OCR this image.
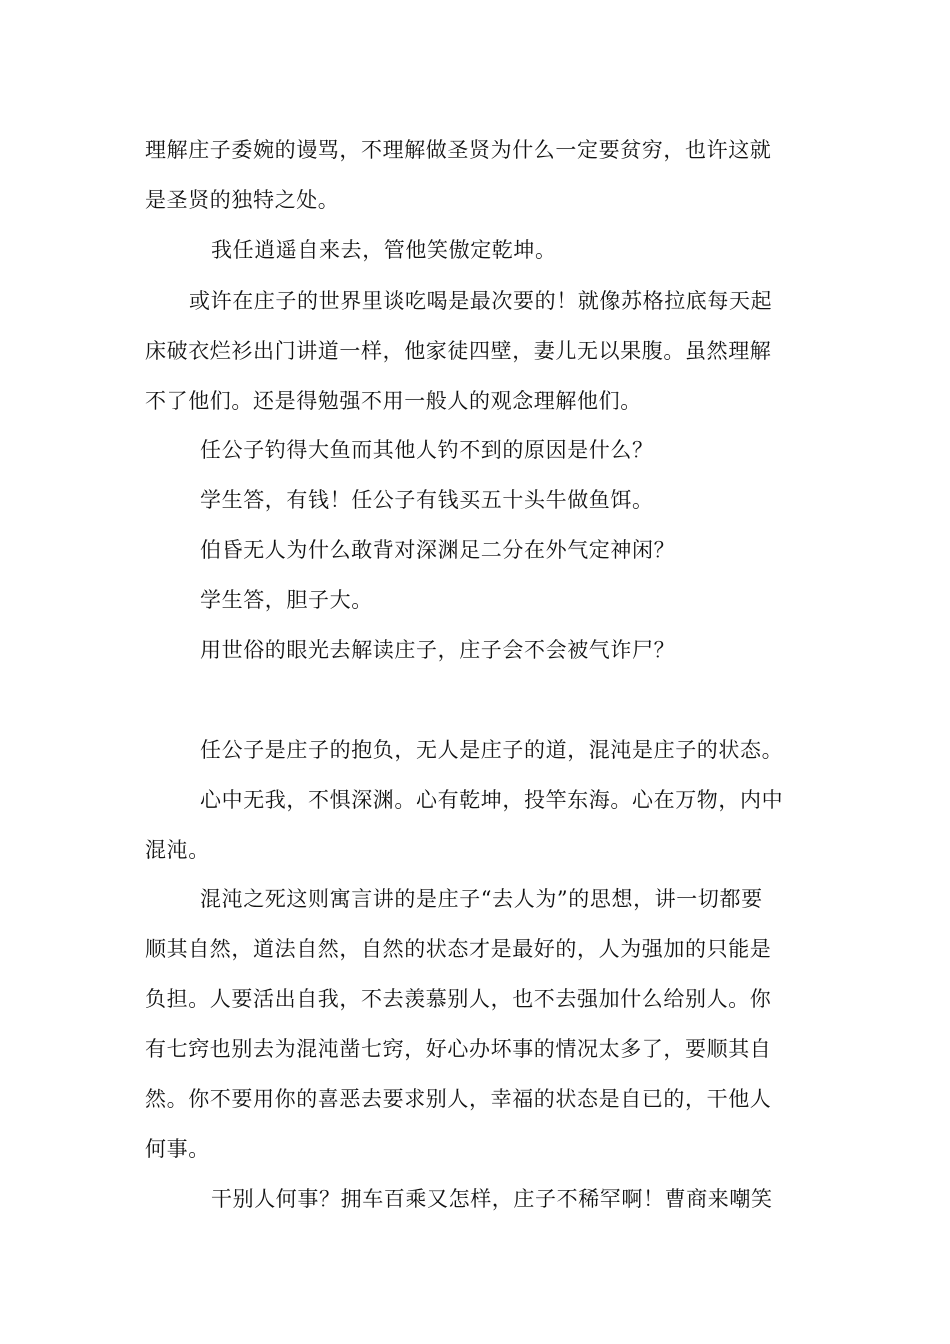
理解庄子委婉的谩骂，不理解做圣贤为什么一定要贫穷，也许这就
是圣贤的独特之处。
我任逍遥自来去，管他笑傲定乾坤。
或许在庄子的世界里谈吃喝是最次要的！就像苏格拉底每天起
床破衣烂衫出门讲道一样，他家徒四壁，妻儿无以果腹。虽然理解
不了他们。还是得勉强不用一般人的观念理解他们。
任公子钓得大鱼而其他人钓不到的原因是什么？
学生答，有钱！任公子有钱买五十头牛做鱼饵。
伯昏无人为什么敢背对深渊足二分在外气定神闲？
学生答，胆子大。
用世俗的眼光去解读庄子，庄子会不会被气诈尸？
任公子是庄子的抱负，无人是庄子的道，混沌是庄子的状态。
心中无我，不惧深渊。心有乾坤，投竿东海。心在万物，内中
混沌。
混沌之死这则寓言讲的是庄子“去人为”的思想，讲一切都要
顺其自然，道法自然，自然的状态才是最好的，人为强加的只能是
负担。人要活出自我，不去羡慕别人，也不去强加什么给别人。你
有七窍也别去为混沌凿七窍，好心办坏事的情况太多了，要顺其自
然。你不要用你的喜恶去要求别人，幸福的状态是自已的，干他人
何事。
干别人何事？拥车百乘又怎样，庄子不稀罕啊！曹商来嘲笑
